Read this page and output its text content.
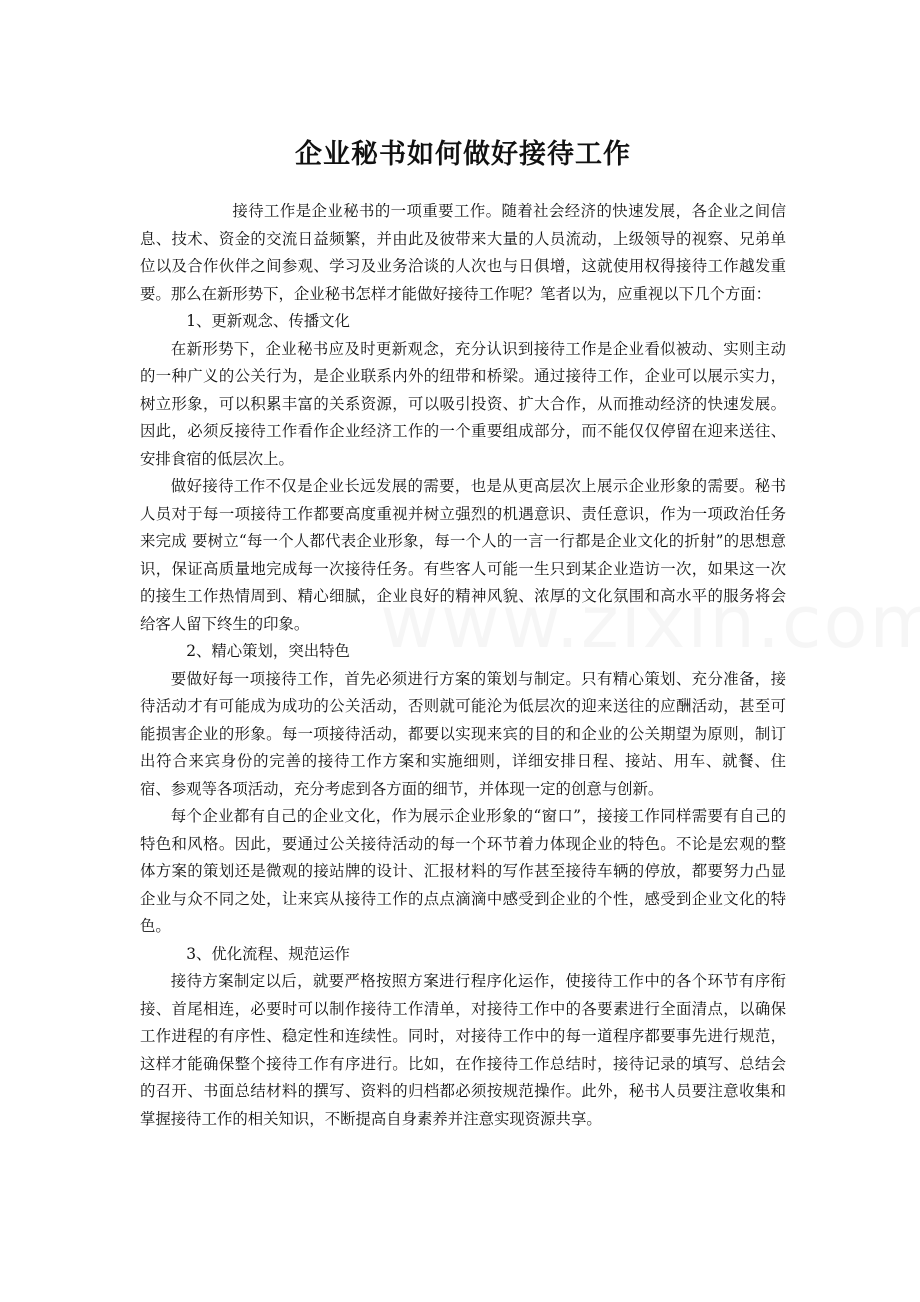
企业秘书如何做好接待工作

接待工作是企业秘书的一项重要工作。随着社会经济的快速发展，各企业之间信息、技术、资金的交流日益频繁，并由此及彼带来大量的人员流动，上级领导的视察、兄弟单位以及合作伙伴之间参观、学习及业务洽谈的人次也与日俱增，这就使用权得接待工作越发重要。那么在新形势下，企业秘书怎样才能做好接待工作呢？笔者以为，应重视以下几个方面：

1、更新观念、传播文化

在新形势下，企业秘书应及时更新观念，充分认识到接待工作是企业看似被动、实则主动的一种广义的公关行为，是企业联系内外的纽带和桥梁。通过接待工作，企业可以展示实力，树立形象，可以积累丰富的关系资源，可以吸引投资、扩大合作，从而推动经济的快速发展。因此，必须反接待工作看作企业经济工作的一个重要组成部分，而不能仅仅停留在迎来送往、安排食宿的低层次上。

做好接待工作不仅是企业长远发展的需要，也是从更高层次上展示企业形象的需要。秘书人员对于每一项接待工作都要高度重视并树立强烈的机遇意识、责任意识，作为一项政治任务来完成 要树立“每一个人都代表企业形象，每一个人的一言一行都是企业文化的折射”的思想意识，保证高质量地完成每一次接待任务。有些客人可能一生只到某企业造访一次，如果这一次的接生工作热情周到、精心细腻，企业良好的精神风貌、浓厚的文化氛围和高水平的服务将会给客人留下终生的印象。

2、精心策划，突出特色

要做好每一项接待工作，首先必须进行方案的策划与制定。只有精心策划、充分准备，接待活动才有可能成为成功的公关活动，否则就可能沦为低层次的迎来送往的应酬活动，甚至可能损害企业的形象。每一项接待活动，都要以实现来宾的目的和企业的公关期望为原则，制订出符合来宾身份的完善的接待工作方案和实施细则，详细安排日程、接站、用车、就餐、住宿、参观等各项活动，充分考虑到各方面的细节，并体现一定的创意与创新。

每个企业都有自己的企业文化，作为展示企业形象的“窗口”，接接工作同样需要有自己的特色和风格。因此，要通过公关接待活动的每一个环节着力体现企业的特色。不论是宏观的整体方案的策划还是微观的接站牌的设计、汇报材料的写作甚至接待车辆的停放，都要努力凸显企业与众不同之处，让来宾从接待工作的点点滴滴中感受到企业的个性，感受到企业文化的特色。

3、优化流程、规范运作

接待方案制定以后，就要严格按照方案进行程序化运作，使接待工作中的各个环节有序衔接、首尾相连，必要时可以制作接待工作清单，对接待工作中的各要素进行全面清点，以确保工作进程的有序性、稳定性和连续性。同时，对接待工作中的每一道程序都要事先进行规范，这样才能确保整个接待工作有序进行。比如，在作接待工作总结时，接待记录的填写、总结会的召开、书面总结材料的撰写、资料的归档都必须按规范操作。此外，秘书人员要注意收集和掌握接待工作的相关知识，不断提高自身素养并注意实现资源共享。
